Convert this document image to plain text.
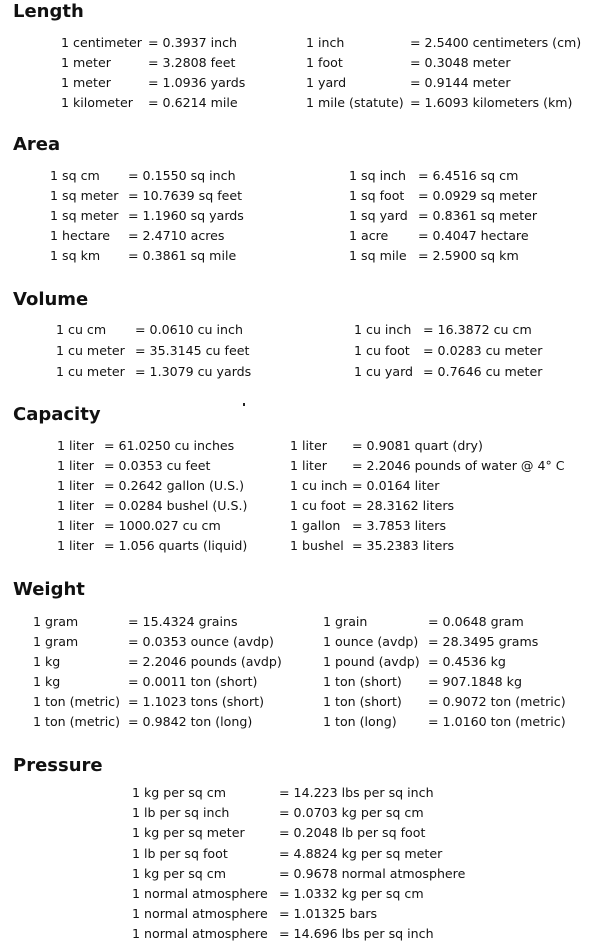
Length
1 centimeter = 0.3937 inch	1 inch	= 2.5400 centimeters (cm)
1 meter	= 3.2808 feet	1 foot	= 0.3048 meter
1 meter	= 1.0936 yards	1 yard	= 0.9144 meter
1 kilometer = 0.6214 mile	1 mile (statute) = 1.6093 kilometers (km)
Area
1 sq cm = 0.1550 sq inch	1 sq inch = 6.4516 sq cm
1 sq meter = 10.7639 sq feet	1 sq foot = 0.0929 sq meter
1 sq meter = 1.1960 sq yards	1 sq yard = 0.8361 sq meter
1 hectare = 2.4710 acres	1 acre = 0.4047 hectare
1 sq km = 0.3861 sq mile	1 sq mile = 2.5900 sq km
Volume
1 cu cm = 0.0610 cu inch	1 cu inch = 16.3872 cu cm
1 cu meter = 35.3145 cu feet	1 cu foot = 0.0283 cu meter
1 cu meter = 1.3079 cu yards	1 cu yard = 0.7646 cu meter
Capacity
1 liter = 61.0250 cu inches	1 liter = 0.9081 quart (dry)
1 liter = 0.0353 cu feet	1 liter = 2.2046 pounds of water @ 4° C
1 liter = 0.2642 gallon (U.S.)	1 cu inch = 0.0164 liter
1 liter = 0.0284 bushel (U.S.)	1 cu foot = 28.3162 liters
1 liter = 1000.027 cu cm	1 gallon = 3.7853 liters
1 liter = 1.056 quarts (liquid)	1 bushel = 35.2383 liters
Weight
1 gram	= 15.4324 grains	1 grain	= 0.0648 gram
1 gram	= 0.0353 ounce (avdp)	1 ounce (avdp) = 28.3495 grams
1 kg	= 2.2046 pounds (avdp)	1 pound (avdp) = 0.4536 kg
1 kg	= 0.0011 ton (short)	1 ton (short) = 907.1848 kg
1 ton (metric) = 1.1023 tons (short)	1 ton (short) = 0.9072 ton (metric)
1 ton (metric) = 0.9842 ton (long)	1 ton (long) = 1.0160 ton (metric)
Pressure
1 kg per sq cm	= 14.223 lbs per sq inch
1 lb per sq inch	= 0.0703 kg per sq cm
1 kg per sq meter	= 0.2048 lb per sq foot
1 lb per sq foot	= 4.8824 kg per sq meter
1 kg per sq cm	= 0.9678 normal atmosphere
1 normal atmosphere = 1.0332 kg per sq cm
1 normal atmosphere = 1.01325 bars
1 normal atmosphere = 14.696 lbs per sq inch
